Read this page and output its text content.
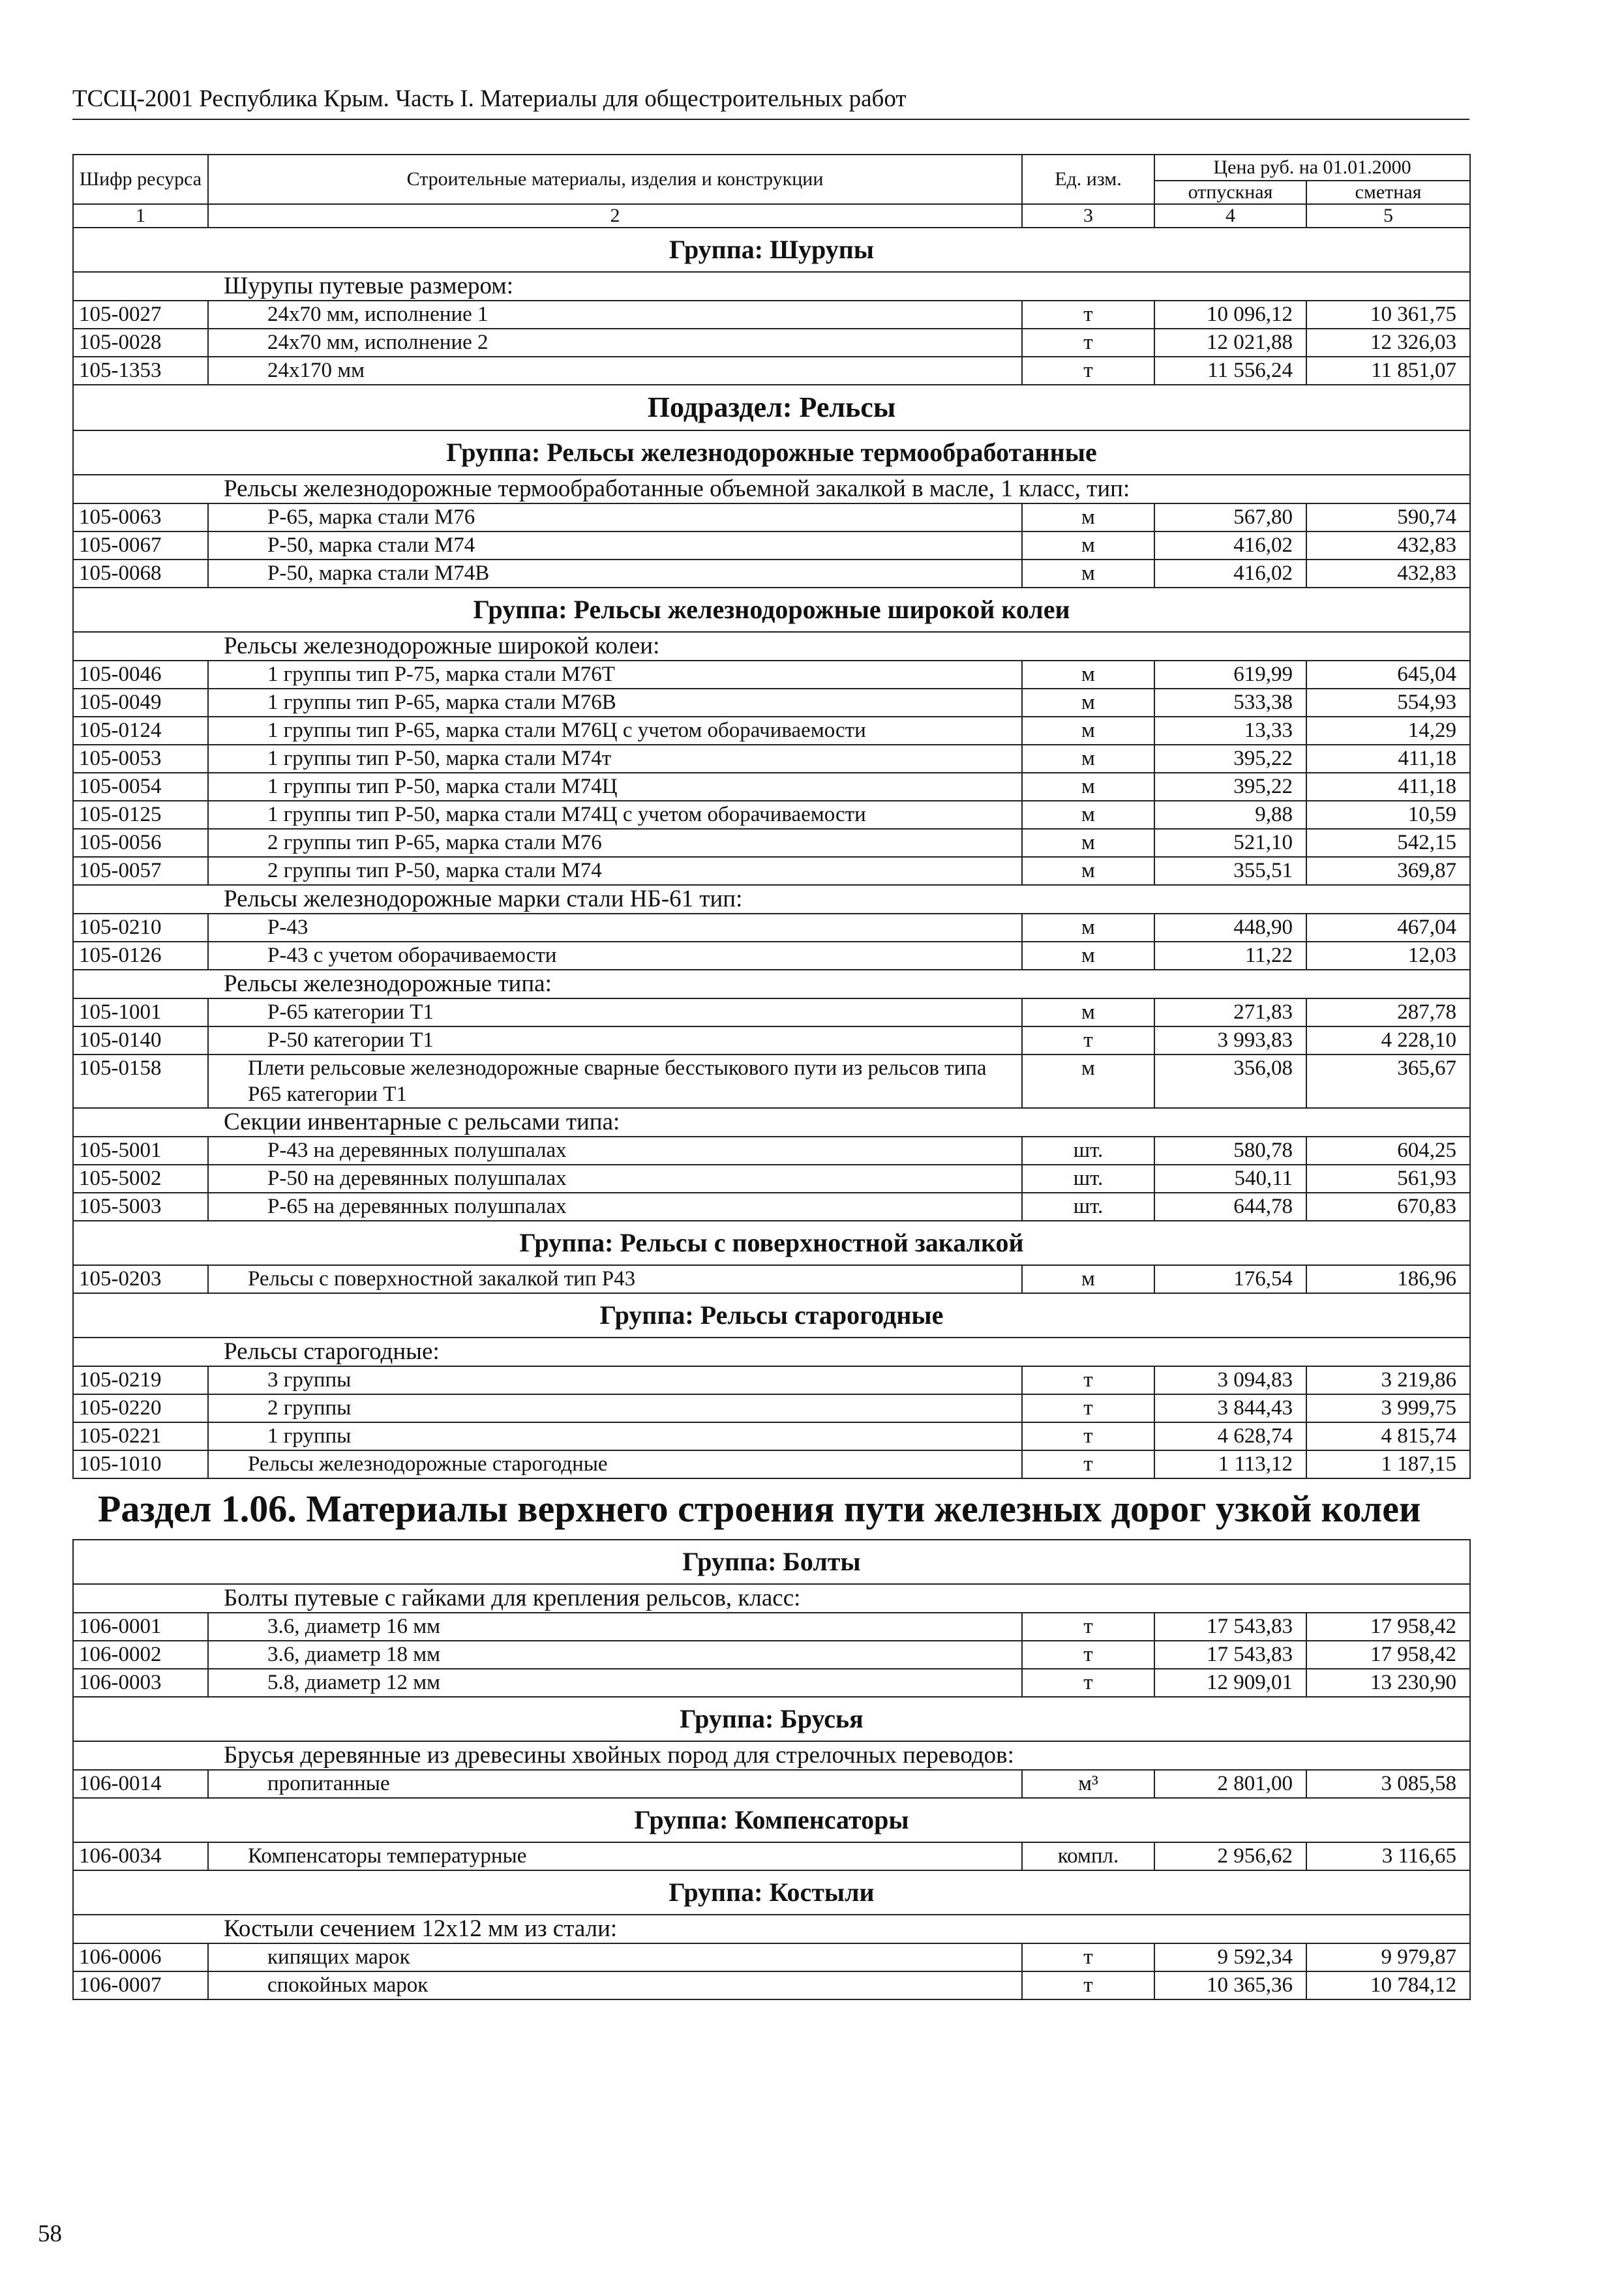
ТССЦ-2001 Республика Крым. Часть I. Материалы для общестроительных работ
Шифр ресурса	Строительные материалы, изделия и конструкции	Ед. изм.	Цена руб. на 01.01.2000	
			отпускная	сметная
1	2	3	4	5
Группа: Шурупы				
Шурупы путевые размером:				
105-0027	24х70 мм, исполнение 1	т	10 096,12	10 361,75
105-0028	24х70 мм, исполнение 2	т	12 021,88	12 326,03
105-1353	24х170 мм	т	11 556,24	11 851,07
Подраздел: Рельсы				
Группа: Рельсы железнодорожные термообработанные				
Рельсы железнодорожные термообработанные объемной закалкой в масле, 1 класс, тип:				
105-0063	Р-65, марка стали М76	м	567,80	590,74
105-0067	Р-50, марка стали М74	м	416,02	432,83
105-0068	Р-50, марка стали М74В	м	416,02	432,83
Группа: Рельсы железнодорожные широкой колеи				
Рельсы железнодорожные широкой колеи:				
105-0046	1 группы тип Р-75, марка стали М76Т	м	619,99	645,04
105-0049	1 группы тип Р-65, марка стали М76В	м	533,38	554,93
105-0124	1 группы тип Р-65, марка стали М76Ц с учетом оборачиваемости	м	13,33	14,29
105-0053	1 группы тип Р-50, марка стали М74т	м	395,22	411,18
105-0054	1 группы тип Р-50, марка стали М74Ц	м	395,22	411,18
105-0125	1 группы тип Р-50, марка стали М74Ц с учетом оборачиваемости	м	9,88	10,59
105-0056	2 группы тип Р-65, марка стали М76	м	521,10	542,15
105-0057	2 группы тип Р-50, марка стали М74	м	355,51	369,87
Рельсы железнодорожные марки стали НБ-61 тип:				
105-0210	Р-43	м	448,90	467,04
105-0126	Р-43 с учетом оборачиваемости	м	11,22	12,03
Рельсы железнодорожные типа:				
105-1001	Р-65 категории Т1	м	271,83	287,78
105-0140	Р-50 категории Т1	т	3 993,83	4 228,10
105-0158	Плети рельсовые железнодорожные сварные бесстыкового пути из рельсов типа Р65 категории Т1	м	356,08	365,67
Секции инвентарные с рельсами типа:				
105-5001	Р-43 на деревянных полушпалах	шт.	580,78	604,25
105-5002	Р-50 на деревянных полушпалах	шт.	540,11	561,93
105-5003	Р-65 на деревянных полушпалах	шт.	644,78	670,83
Группа: Рельсы с поверхностной закалкой				
105-0203	Рельсы с поверхностной закалкой тип Р43	м	176,54	186,96
Группа: Рельсы старогодные				
Рельсы старогодные:				
105-0219	3 группы	т	3 094,83	3 219,86
105-0220	2 группы	т	3 844,43	3 999,75
105-0221	1 группы	т	4 628,74	4 815,74
105-1010	Рельсы железнодорожные старогодные	т	1 113,12	1 187,15
Раздел 1.06. Материалы верхнего строения пути железных дорог узкой колеи				
Группа: Болты				
Болты путевые с гайками для крепления рельсов, класс:				
106-0001	3.6, диаметр 16 мм	т	17 543,83	17 958,42
106-0002	3.6, диаметр 18 мм	т	17 543,83	17 958,42
106-0003	5.8, диаметр 12 мм	т	12 909,01	13 230,90
Группа: Брусья				
Брусья деревянные из древесины хвойных пород для стрелочных переводов:				
106-0014	пропитанные	м³	2 801,00	3 085,58
Группа: Компенсаторы				
106-0034	Компенсаторы температурные	компл.	2 956,62	3 116,65
Группа: Костыли				
Костыли сечением 12х12 мм из стали:				
106-0006	кипящих марок	т	9 592,34	9 979,87
106-0007	спокойных марок	т	10 365,36	10 784,12
58
